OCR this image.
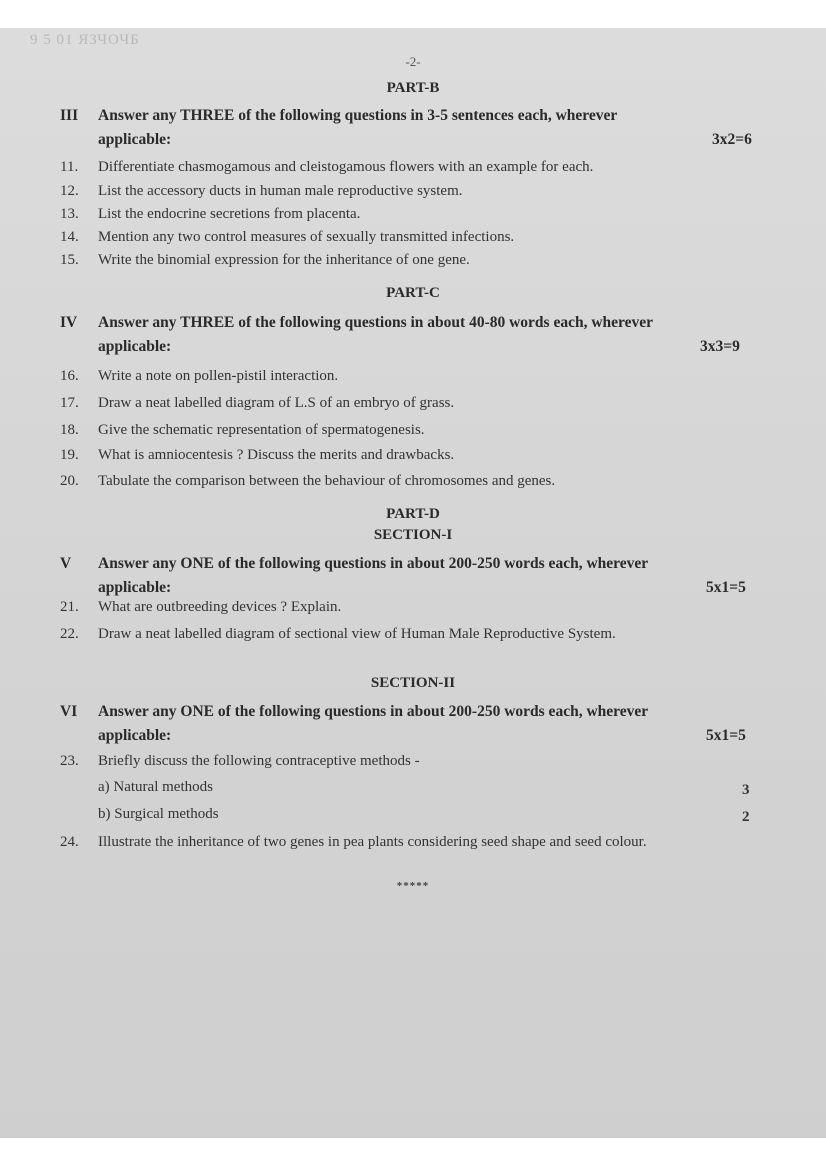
9 5 01 ЯЗЧОЧБ
-2-
PART-B
III	Answer any THREE of the following questions in 3-5 sentences each, wherever
applicable:	3x2=6
11. Differentiate chasmogamous and cleistogamous flowers with an example for each.
12. List the accessory ducts in human male reproductive system.
13. List the endocrine secretions from placenta.
14. Mention any two control measures of sexually transmitted infections.
15. Write the binomial expression for the inheritance of one gene.
PART-C
IV	Answer any THREE of the following questions in about 40-80 words each, wherever
applicable:	3x3=9
16. Write a note on pollen-pistil interaction.
17. Draw a neat labelled diagram of L.S of an embryo of grass.
18. Give the schematic representation of spermatogenesis.
19. What is amniocentesis ? Discuss the merits and drawbacks.
20. Tabulate the comparison between the behaviour of chromosomes and genes.
PART-D
SECTION-I
V	Answer any ONE of the following questions in about 200-250 words each, wherever
applicable:	5x1=5
21. What are outbreeding devices ? Explain.
22. Draw a neat labelled diagram of sectional view of Human Male Reproductive System.
SECTION-II
VI	Answer any ONE of the following questions in about 200-250 words each, wherever
applicable:	5x1=5
23. Briefly discuss the following contraceptive methods -
a) Natural methods	3
b) Surgical methods	2
24. Illustrate the inheritance of two genes in pea plants considering seed shape and seed colour.
*****
